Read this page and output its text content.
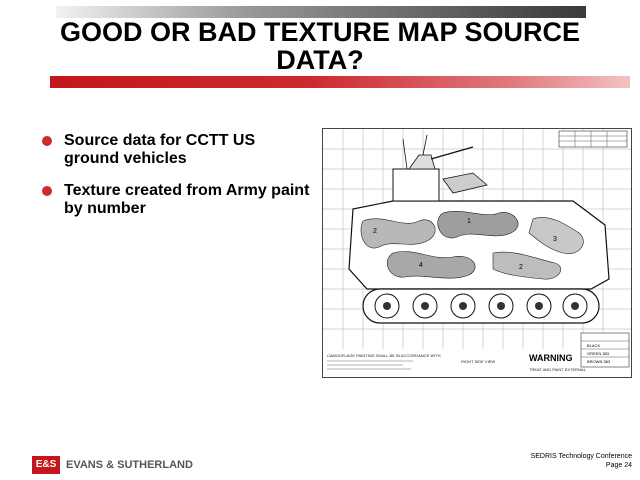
GOOD OR BAD TEXTURE MAP SOURCE
DATA?
Source data for CCTT US ground vehicles
Texture created from Army paint by number
2
1
3
4	2
CAMOUFLAGE PAINTING SHALL BE IN ACCORDANCE WITH
RIGHT SIDE VIEW	WARNING
TREAT AND PAINT EXTERNAL
BLACK
GREEN 383
BROWN 383
E&S EVANS & SUTHERLAND
SEDRIS Technology Conference
Page 24
